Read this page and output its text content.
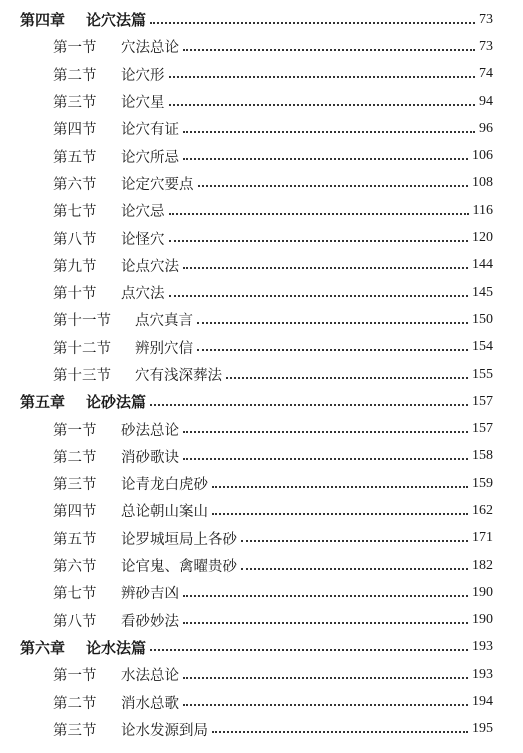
第四章	论穴法篇	73
第一节	穴法总论	73
第二节	论穴形	74
第三节	论穴星	94
第四节	论穴有证	96
第五节	论穴所忌	106
第六节	论定穴要点	108
第七节	论穴忌	116
第八节	论怪穴	120
第九节	论点穴法	144
第十节	点穴法	145
第十一节	点穴真言	150
第十二节	辨别穴信	154
第十三节	穴有浅深葬法	155
第五章	论砂法篇	157
第一节	砂法总论	157
第二节	消砂歌诀	158
第三节	论青龙白虎砂	159
第四节	总论朝山案山	162
第五节	论罗城垣局上各砂	171
第六节	论官鬼、禽曜贵砂	182
第七节	辨砂吉凶	190
第八节	看砂妙法	190
第六章	论水法篇	193
第一节	水法总论	193
第二节	消水总歌	194
第三节	论水发源到局	195
